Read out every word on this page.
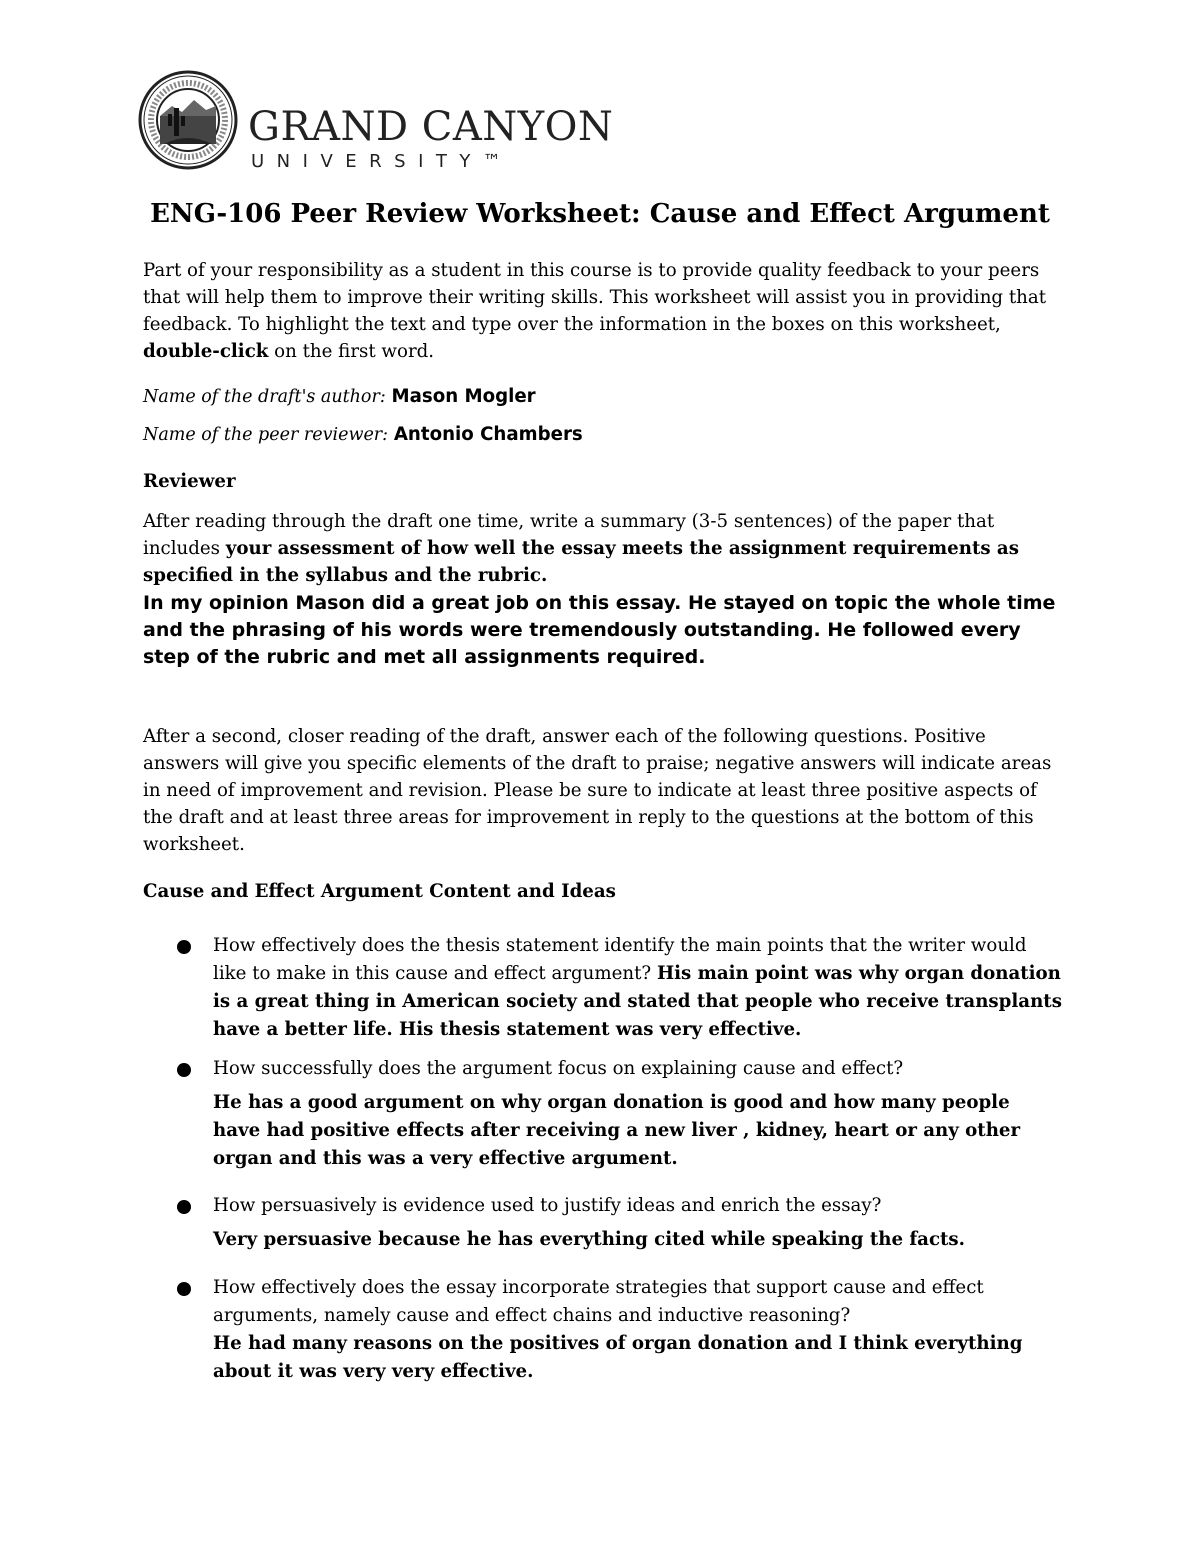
GRAND CANYON
UNIVERSITY™
ENG-106 Peer Review Worksheet: Cause and Effect Argument
Part of your responsibility as a student in this course is to provide quality feedback to your peers that will help them to improve their writing skills. This worksheet will assist you in providing that feedback. To highlight the text and type over the information in the boxes on this worksheet, double-click on the first word.
Name of the draft's author: Mason Mogler
Name of the peer reviewer: Antonio Chambers
Reviewer
After reading through the draft one time, write a summary (3-5 sentences) of the paper that includes your assessment of how well the essay meets the assignment requirements as specified in the syllabus and the rubric.
In my opinion Mason did a great job on this essay. He stayed on topic the whole time and the phrasing of his words were tremendously outstanding. He followed every step of the rubric and met all assignments required.
After a second, closer reading of the draft, answer each of the following questions. Positive answers will give you specific elements of the draft to praise; negative answers will indicate areas in need of improvement and revision. Please be sure to indicate at least three positive aspects of the draft and at least three areas for improvement in reply to the questions at the bottom of this worksheet.
Cause and Effect Argument Content and Ideas
How effectively does the thesis statement identify the main points that the writer would like to make in this cause and effect argument? His main point was why organ donation is a great thing in American society and stated that people who receive transplants have a better life. His thesis statement was very effective.
How successfully does the argument focus on explaining cause and effect?
He has a good argument on why organ donation is good and how many people have had positive effects after receiving a new liver , kidney, heart or any other organ and this was a very effective argument.
How persuasively is evidence used to justify ideas and enrich the essay?
Very persuasive because he has everything cited while speaking the facts.
How effectively does the essay incorporate strategies that support cause and effect arguments, namely cause and effect chains and inductive reasoning?
He had many reasons on the positives of organ donation and I think everything about it was very very effective.
